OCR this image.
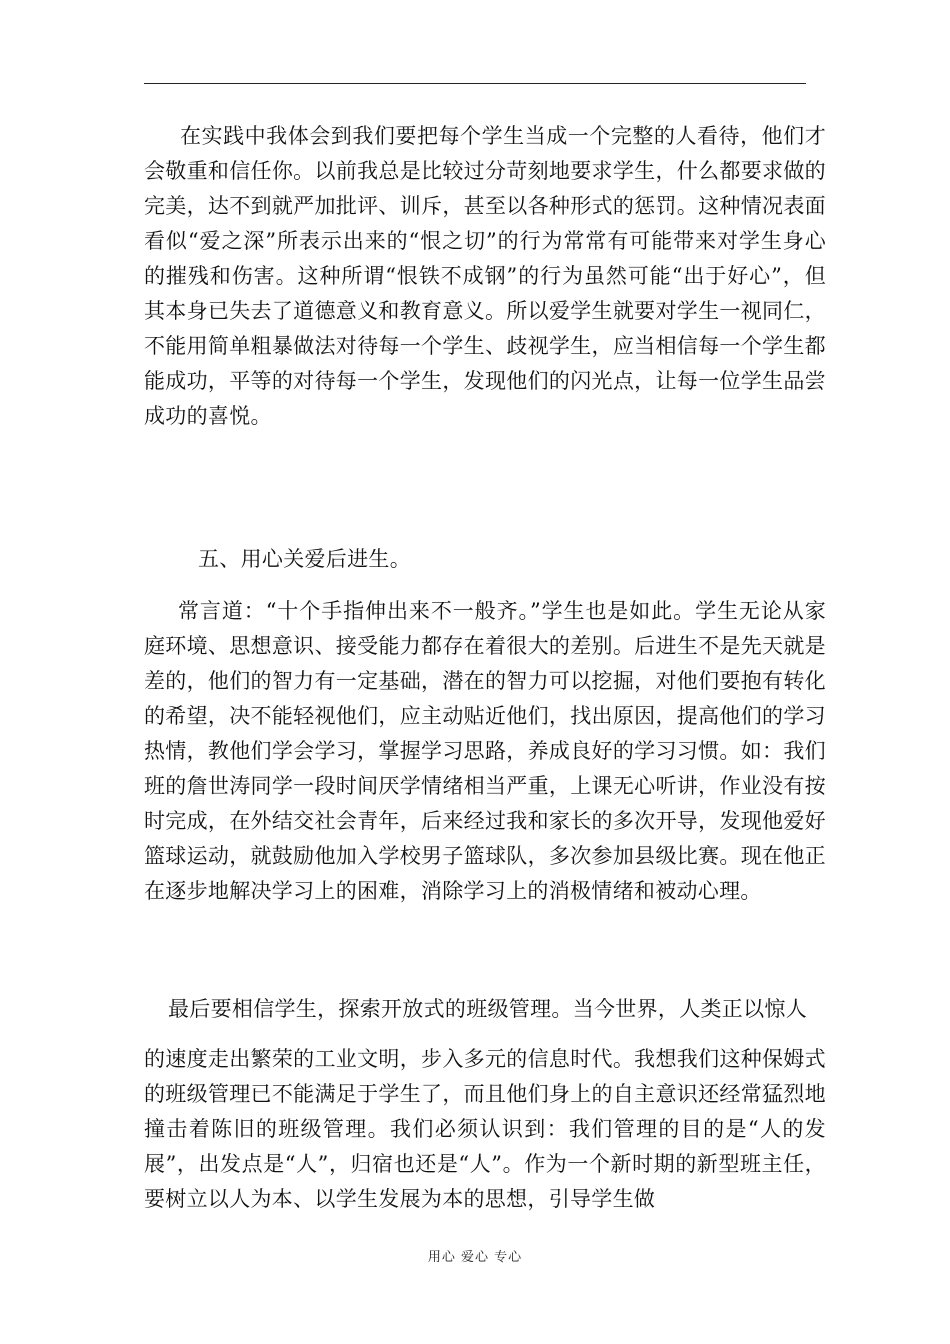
在实践中我体会到我们要把每个学生当成一个完整的人看待，他们才会敬重和信任你。以前我总是比较过分苛刻地要求学生，什么都要求做的完美，达不到就严加批评、训斥，甚至以各种形式的惩罚。这种情况表面看似“爱之深”所表示出来的“恨之切”的行为常常有可能带来对学生身心的摧残和伤害。这种所谓“恨铁不成钢”的行为虽然可能“出于好心”，但其本身已失去了道德意义和教育意义。所以爱学生就要对学生一视同仁，不能用简单粗暴做法对待每一个学生、歧视学生，应当相信每一个学生都能成功，平等的对待每一个学生，发现他们的闪光点，让每一位学生品尝成功的喜悦。

五、用心关爱后进生。

常言道：“十个手指伸出来不一般齐。”学生也是如此。学生无论从家庭环境、思想意识、接受能力都存在着很大的差别。后进生不是先天就是差的，他们的智力有一定基础，潜在的智力可以挖掘，对他们要抱有转化的希望，决不能轻视他们，应主动贴近他们，找出原因，提高他们的学习热情，教他们学会学习，掌握学习思路，养成良好的学习习惯。如：我们班的詹世涛同学一段时间厌学情绪相当严重，上课无心听讲，作业没有按时完成，在外结交社会青年，后来经过我和家长的多次开导，发现他爱好篮球运动，就鼓励他加入学校男子篮球队，多次参加县级比赛。现在他正在逐步地解决学习上的困难，消除学习上的消极情绪和被动心理。

最后要相信学生，探索开放式的班级管理。当今世界，人类正以惊人

的速度走出繁荣的工业文明，步入多元的信息时代。我想我们这种保姆式的班级管理已不能满足于学生了，而且他们身上的自主意识还经常猛烈地撞击着陈旧的班级管理。我们必须认识到：我们管理的目的是“人的发展”，出发点是“人”，归宿也还是“人”。作为一个新时期的新型班主任，要树立以人为本、以学生发展为本的思想，引导学生做

用心 爱心 专心
